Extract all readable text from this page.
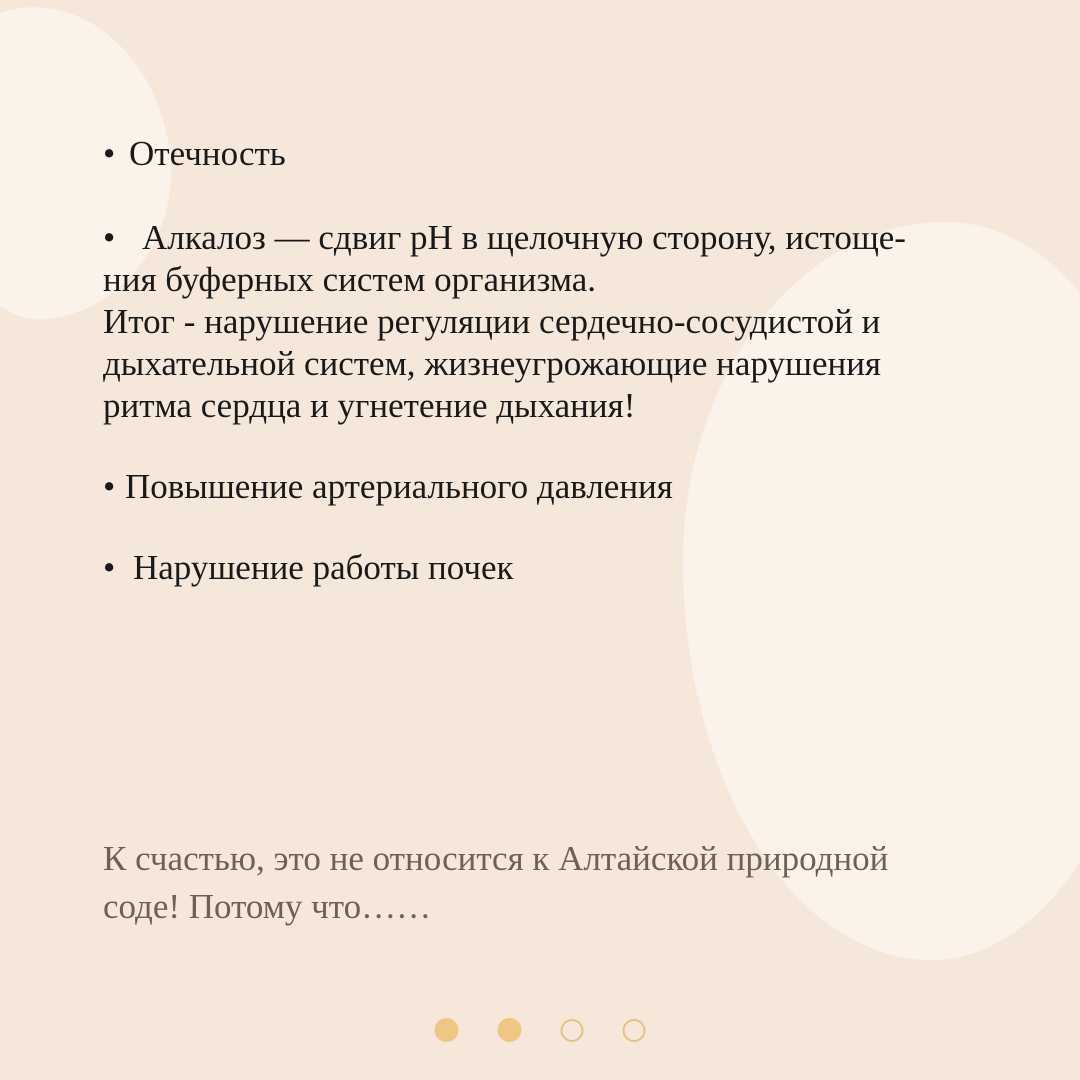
• Отечность
• Алкалоз — сдвиг pH в щелочную сторону, истоще-
ния буферных систем организма.
Итог - нарушение регуляции сердечно-сосудистой и
дыхательной систем, жизнеугрожающие нарушения
ритма сердца и угнетение дыхания!
• Повышение артериального давления
• Нарушение работы почек
К счастью, это не относится к Алтайской природной
соде! Потому что……
